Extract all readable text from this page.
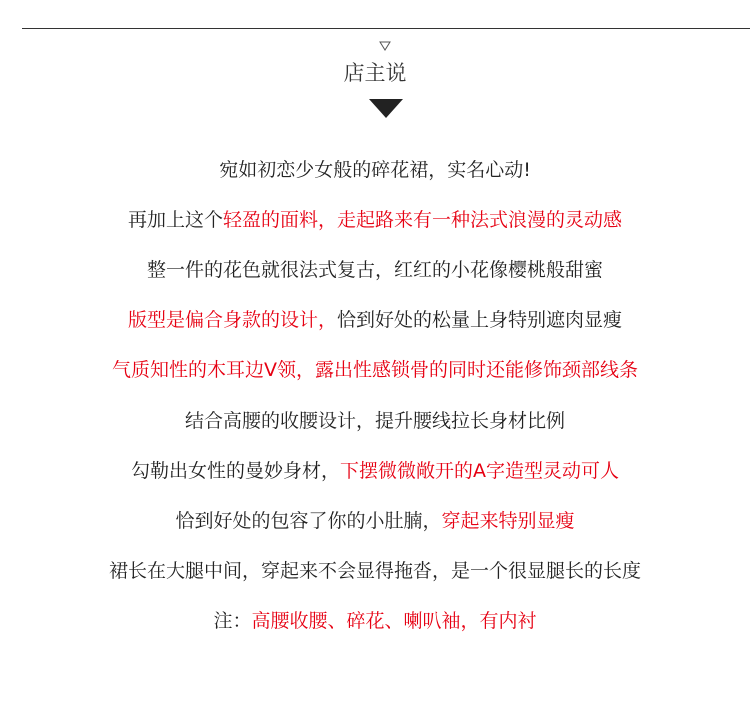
店主说
宛如初恋少女般的碎花裙，实名心动!
再加上这个轻盈的面料，走起路来有一种法式浪漫的灵动感
整一件的花色就很法式复古，红红的小花像樱桃般甜蜜
版型是偏合身款的设计，恰到好处的松量上身特别遮肉显瘦
气质知性的木耳边V领，露出性感锁骨的同时还能修饰颈部线条
结合高腰的收腰设计，提升腰线拉长身材比例
勾勒出女性的曼妙身材，下摆微微敞开的A字造型灵动可人
恰到好处的包容了你的小肚腩，穿起来特别显瘦
裙长在大腿中间，穿起来不会显得拖沓，是一个很显腿长的长度
注：高腰收腰、碎花、喇叭袖，有内衬
